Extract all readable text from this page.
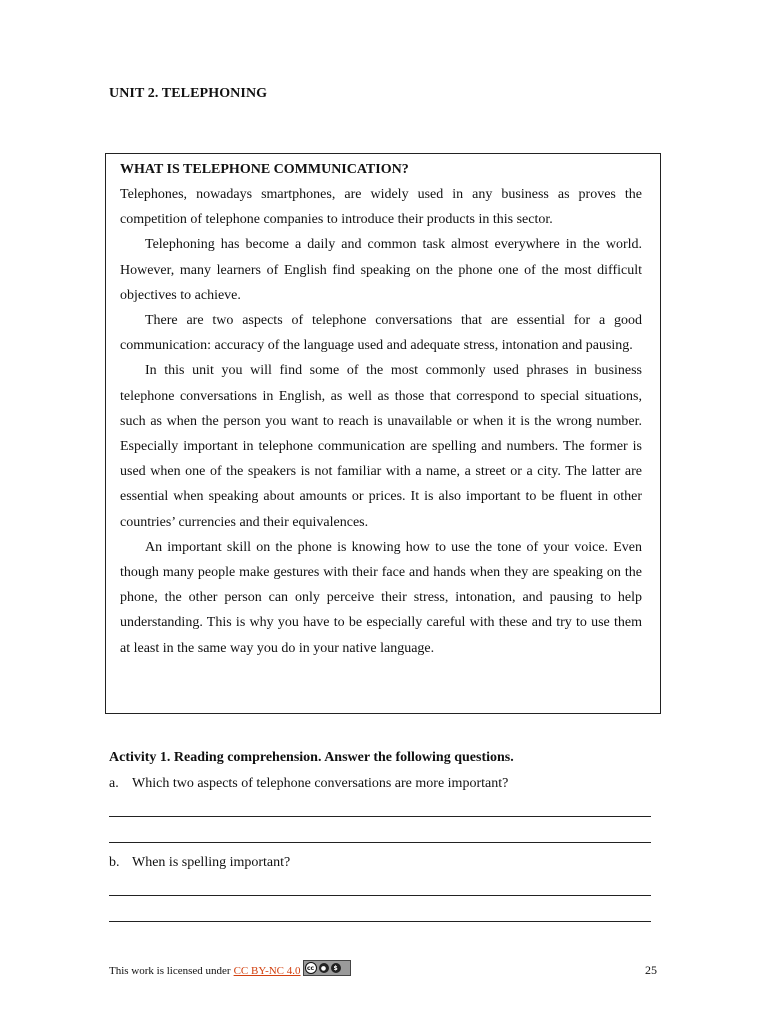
UNIT 2. TELEPHONING
WHAT IS TELEPHONE COMMUNICATION?

Telephones, nowadays smartphones, are widely used in any business as proves the competition of telephone companies to introduce their products in this sector.

Telephoning has become a daily and common task almost everywhere in the world. However, many learners of English find speaking on the phone one of the most difficult objectives to achieve.

There are two aspects of telephone conversations that are essential for a good communication: accuracy of the language used and adequate stress, intonation and pausing.

In this unit you will find some of the most commonly used phrases in business telephone conversations in English, as well as those that correspond to special situations, such as when the person you want to reach is unavailable or when it is the wrong number. Especially important in telephone communication are spelling and numbers. The former is used when one of the speakers is not familiar with a name, a street or a city. The latter are essential when speaking about amounts or prices. It is also important to be fluent in other countries’ currencies and their equivalences.

An important skill on the phone is knowing how to use the tone of your voice. Even though many people make gestures with their face and hands when they are speaking on the phone, the other person can only perceive their stress, intonation, and pausing to help understanding. This is why you have to be especially careful with these and try to use them at least in the same way you do in your native language.

Activity 1. Reading comprehension. Answer the following questions.
a. Which two aspects of telephone conversations are more important?
b. When is spelling important?
This work is licensed under CC BY-NC 4.0	cc	●	$	25
